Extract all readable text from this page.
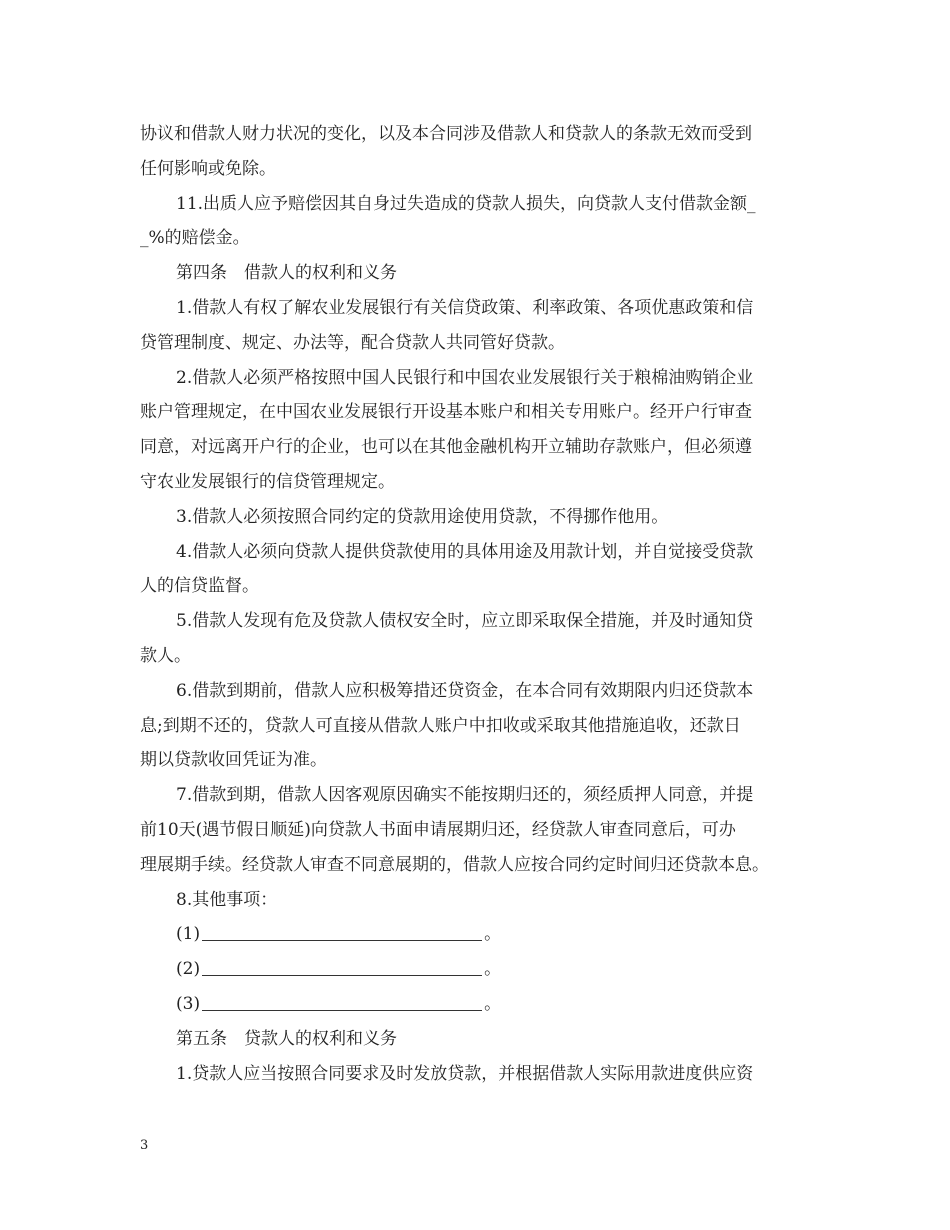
协议和借款人财力状况的变化，以及本合同涉及借款人和贷款人的条款无效而受到
任何影响或免除。
11.出质人应予赔偿因其自身过失造成的贷款人损失，向贷款人支付借款金额_
_%的赔偿金。
第四条　借款人的权利和义务
1.借款人有权了解农业发展银行有关信贷政策、利率政策、各项优惠政策和信
贷管理制度、规定、办法等，配合贷款人共同管好贷款。
2.借款人必须严格按照中国人民银行和中国农业发展银行关于粮棉油购销企业
账户管理规定，在中国农业发展银行开设基本账户和相关专用账户。经开户行审查
同意，对远离开户行的企业，也可以在其他金融机构开立辅助存款账户，但必须遵
守农业发展银行的信贷管理规定。
3.借款人必须按照合同约定的贷款用途使用贷款，不得挪作他用。
4.借款人必须向贷款人提供贷款使用的具体用途及用款计划，并自觉接受贷款
人的信贷监督。
5.借款人发现有危及贷款人债权安全时，应立即采取保全措施，并及时通知贷
款人。
6.借款到期前，借款人应积极筹措还贷资金，在本合同有效期限内归还贷款本
息;到期不还的，贷款人可直接从借款人账户中扣收或采取其他措施追收，还款日
期以贷款收回凭证为准。
7.借款到期，借款人因客观原因确实不能按期归还的，须经质押人同意，并提
前10天(遇节假日顺延)向贷款人书面申请展期归还，经贷款人审查同意后，可办
理展期手续。经贷款人审查不同意展期的，借款人应按合同约定时间归还贷款本息。
8.其他事项：
(1)	。
(2)	。
(3)	。
第五条　贷款人的权利和义务
1.贷款人应当按照合同要求及时发放贷款，并根据借款人实际用款进度供应资
3
